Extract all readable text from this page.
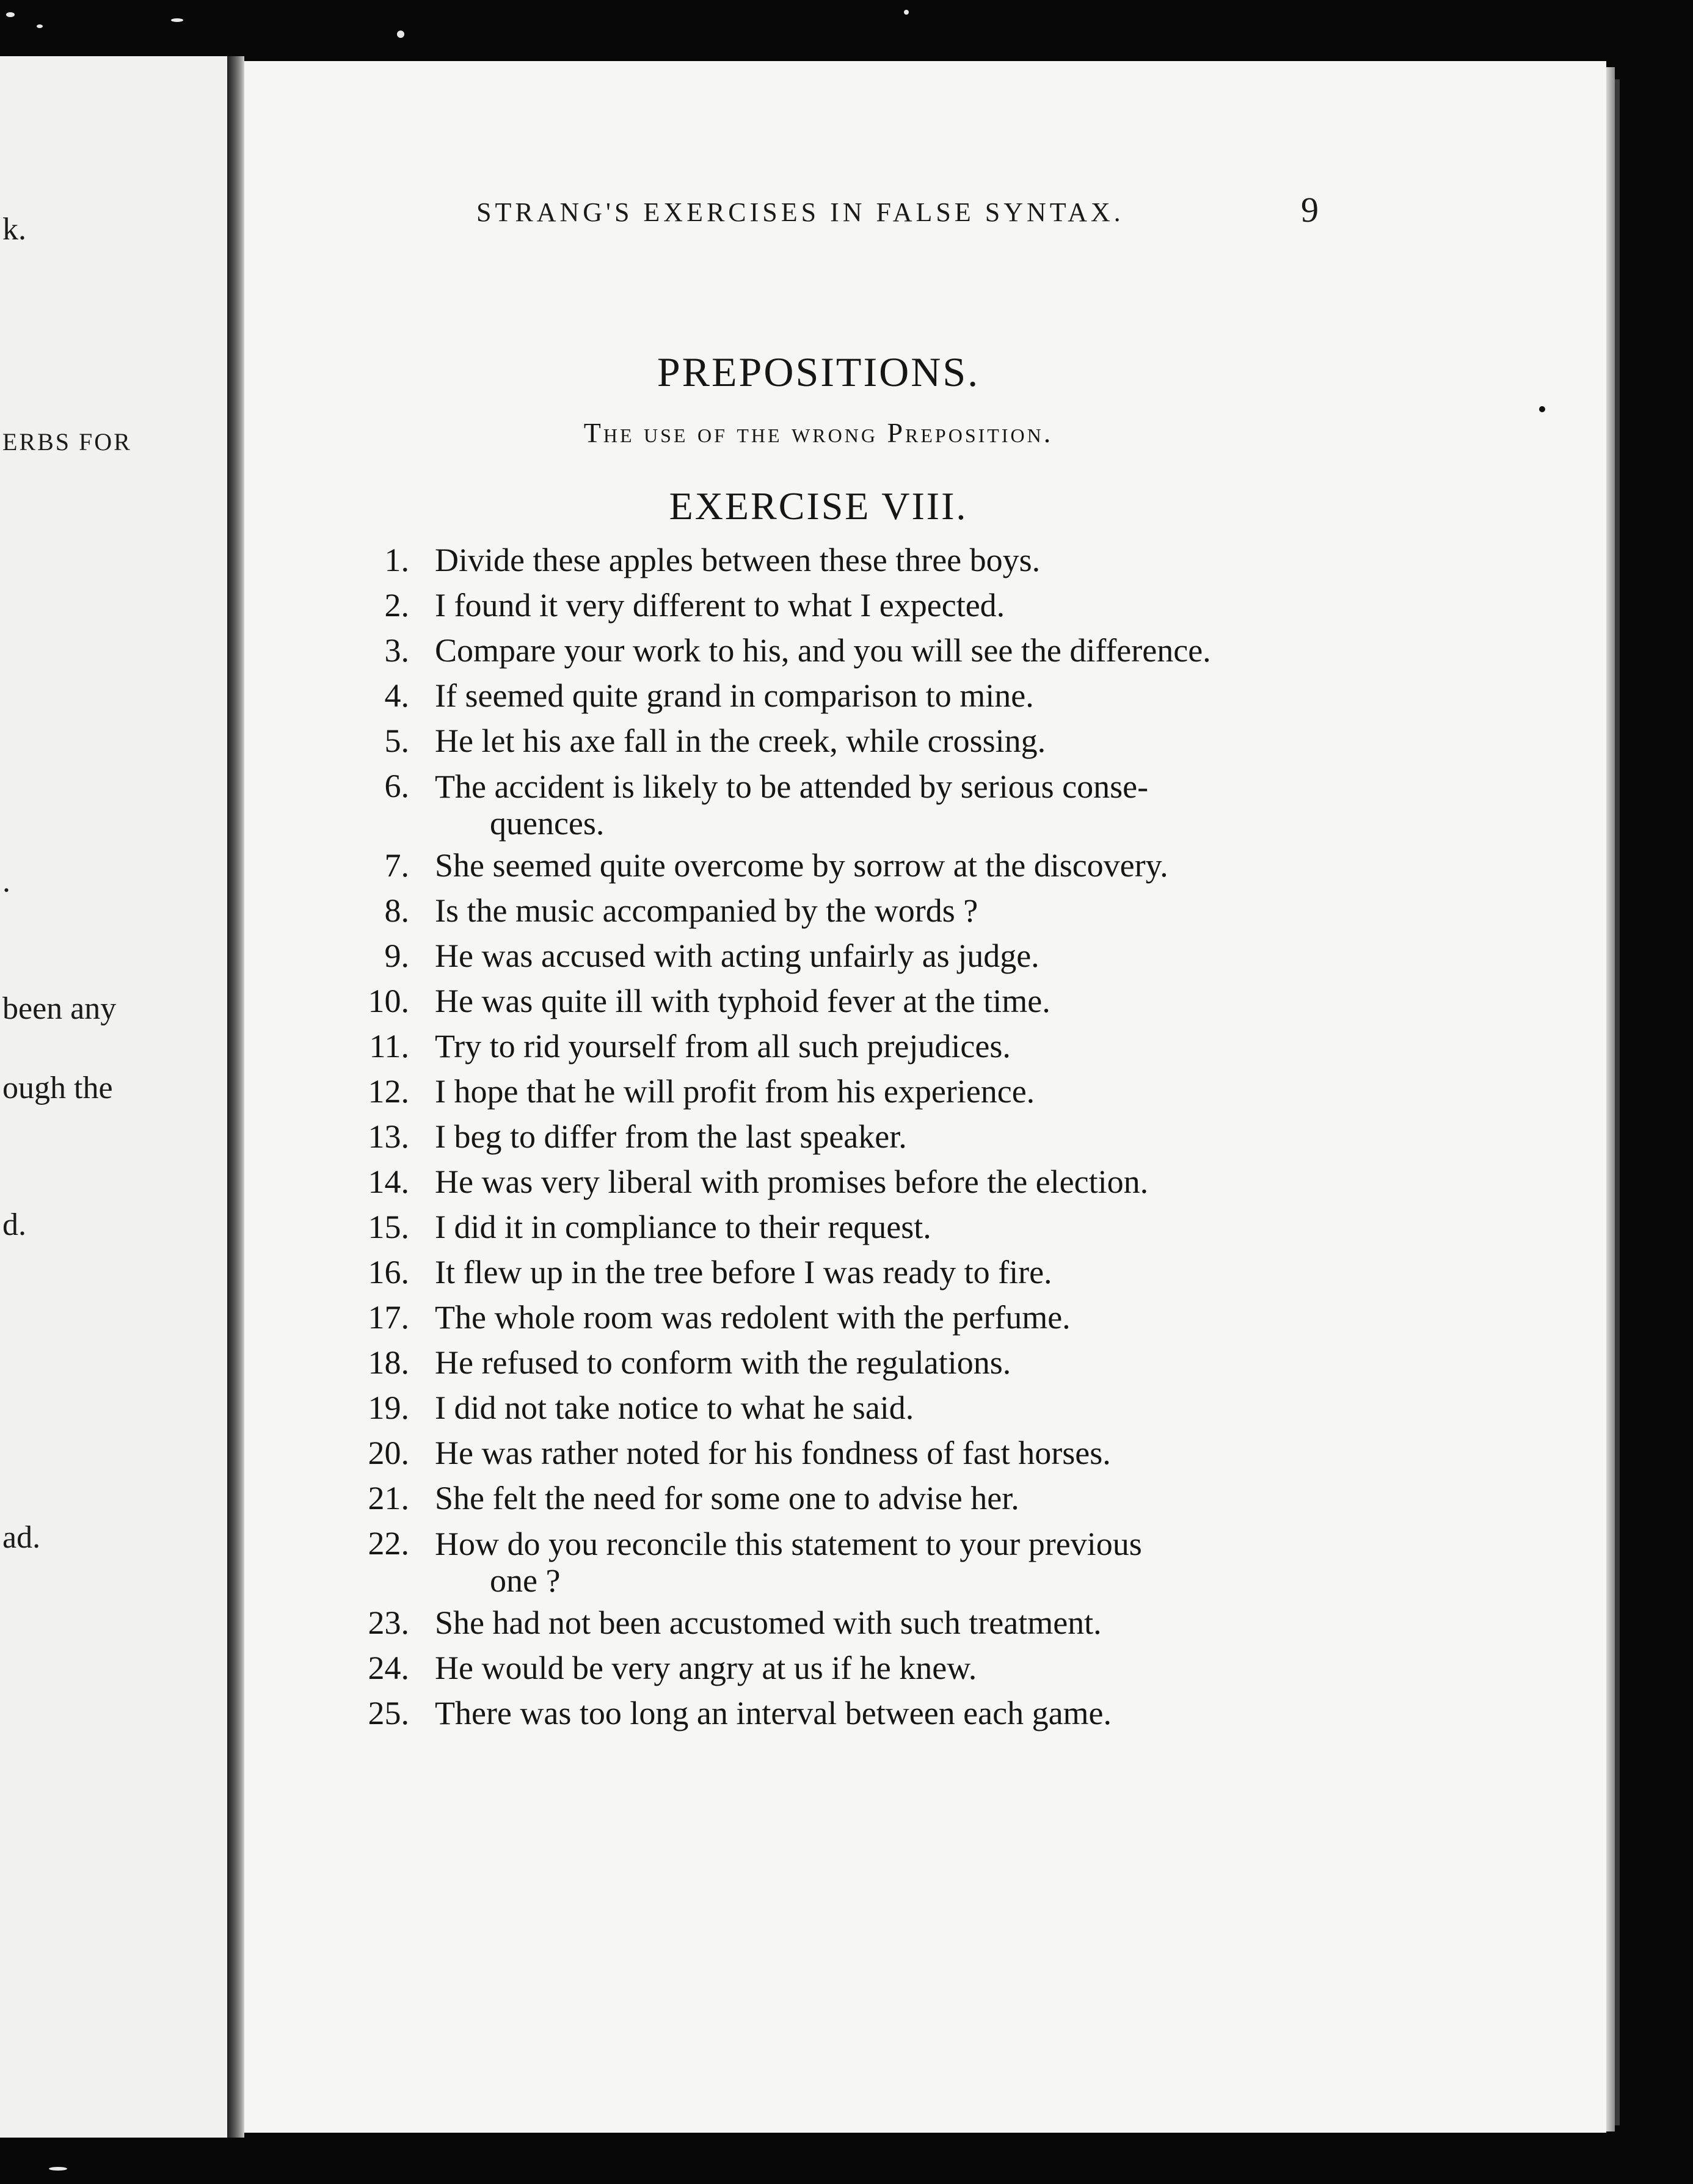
k.
ERBS FOR
.
been any
ough the
d.
ad.
STRANG'S EXERCISES IN FALSE SYNTAX.	9
PREPOSITIONS.
The use of the wrong Preposition.
EXERCISE VIII.
1. Divide these apples between these three boys.
2. I found it very different to what I expected.
3. Compare your work to his, and you will see the difference.
4. If seemed quite grand in comparison to mine.
5. He let his axe fall in the creek, while crossing.
6. The accident is likely to be attended by serious conse-
quences.
7. She seemed quite overcome by sorrow at the discovery.
8. Is the music accompanied by the words ?
9. He was accused with acting unfairly as judge.
10. He was quite ill with typhoid fever at the time.
11. Try to rid yourself from all such prejudices.
12. I hope that he will profit from his experience.
13. I beg to differ from the last speaker.
14. He was very liberal with promises before the election.
15. I did it in compliance to their request.
16. It flew up in the tree before I was ready to fire.
17. The whole room was redolent with the perfume.
18. He refused to conform with the regulations.
19. I did not take notice to what he said.
20. He was rather noted for his fondness of fast horses.
21. She felt the need for some one to advise her.
22. How do you reconcile this statement to your previous
one ?
23. She had not been accustomed with such treatment.
24. He would be very angry at us if he knew.
25. There was too long an interval between each game.
